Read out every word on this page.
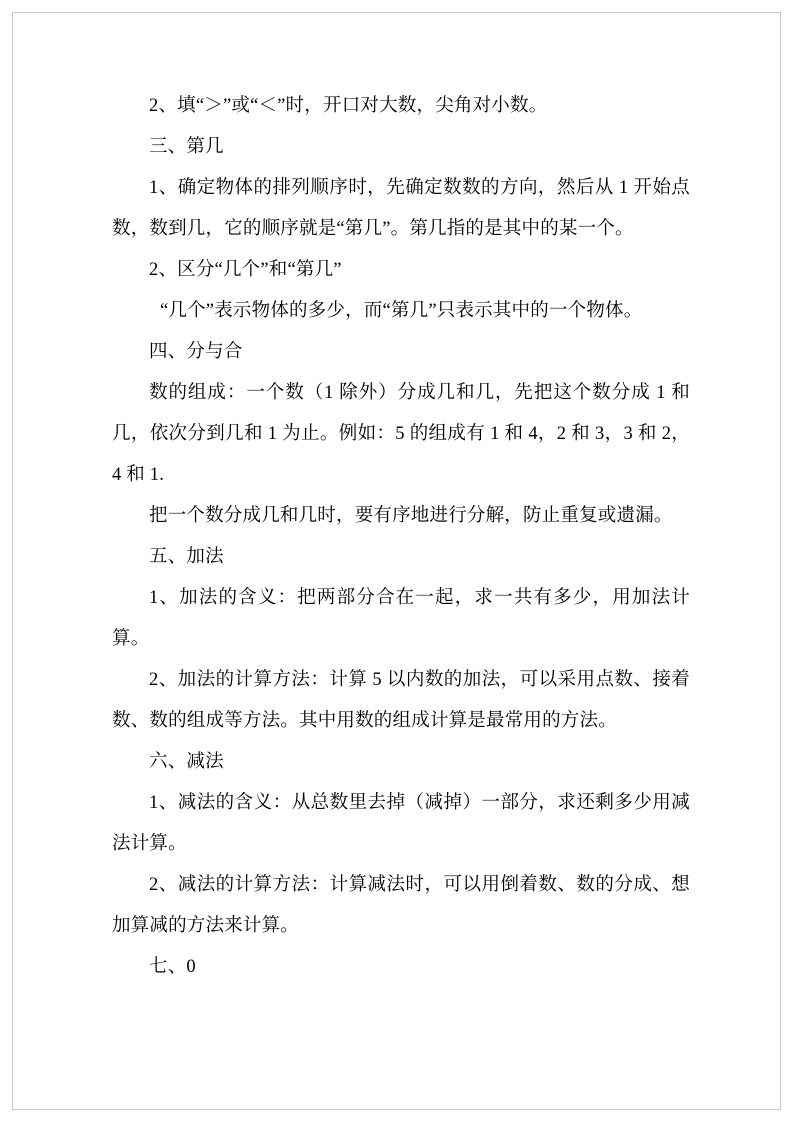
2、填“＞”或“＜”时，开口对大数，尖角对小数。

三、第几

1、确定物体的排列顺序时，先确定数数的方向，然后从 1 开始点数，数到几，它的顺序就是“第几”。第几指的是其中的某一个。

2、区分“几个”和“第几”

“几个”表示物体的多少，而“第几”只表示其中的一个物体。

四、分与合

数的组成：一个数（1 除外）分成几和几，先把这个数分成 1 和几，依次分到几和 1 为止。例如：5 的组成有 1 和 4，2 和 3，3 和 2，4 和 1.

把一个数分成几和几时，要有序地进行分解，防止重复或遗漏。

五、加法

1、加法的含义：把两部分合在一起，求一共有多少，用加法计算。

2、加法的计算方法：计算 5 以内数的加法，可以采用点数、接着数、数的组成等方法。其中用数的组成计算是最常用的方法。

六、减法

1、减法的含义：从总数里去掉（减掉）一部分，求还剩多少用减法计算。

2、减法的计算方法：计算减法时，可以用倒着数、数的分成、想加算减的方法来计算。

七、0
